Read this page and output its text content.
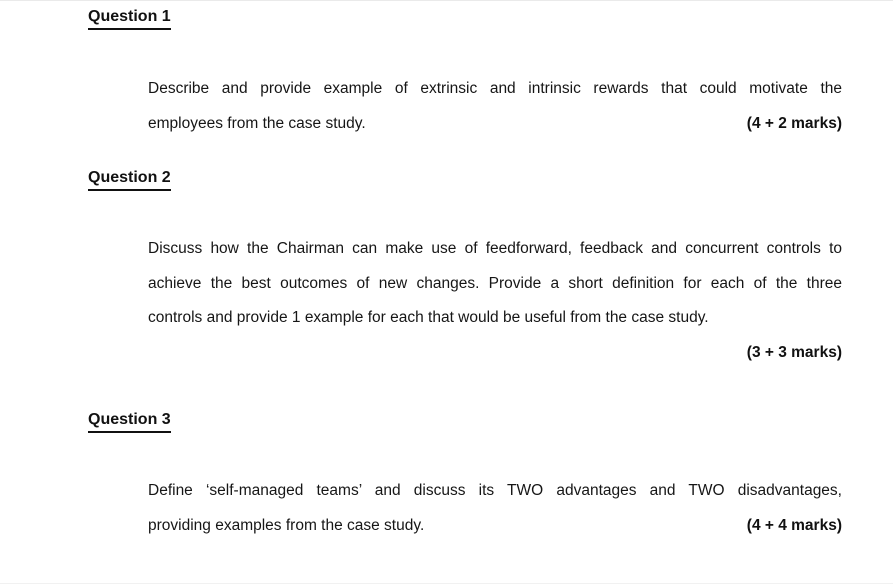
Question 1
Describe and provide example of extrinsic and intrinsic rewards that could motivate the
employees from the case study.	(4 + 2 marks)
Question 2
Discuss how the Chairman can make use of feedforward, feedback and concurrent controls to
achieve the best outcomes of new changes. Provide a short definition for each of the three
controls and provide 1 example for each that would be useful from the case study.
(3 + 3 marks)
Question 3
Define ‘self-managed teams’ and discuss its TWO advantages and TWO disadvantages,
providing examples from the case study.	(4 + 4 marks)
